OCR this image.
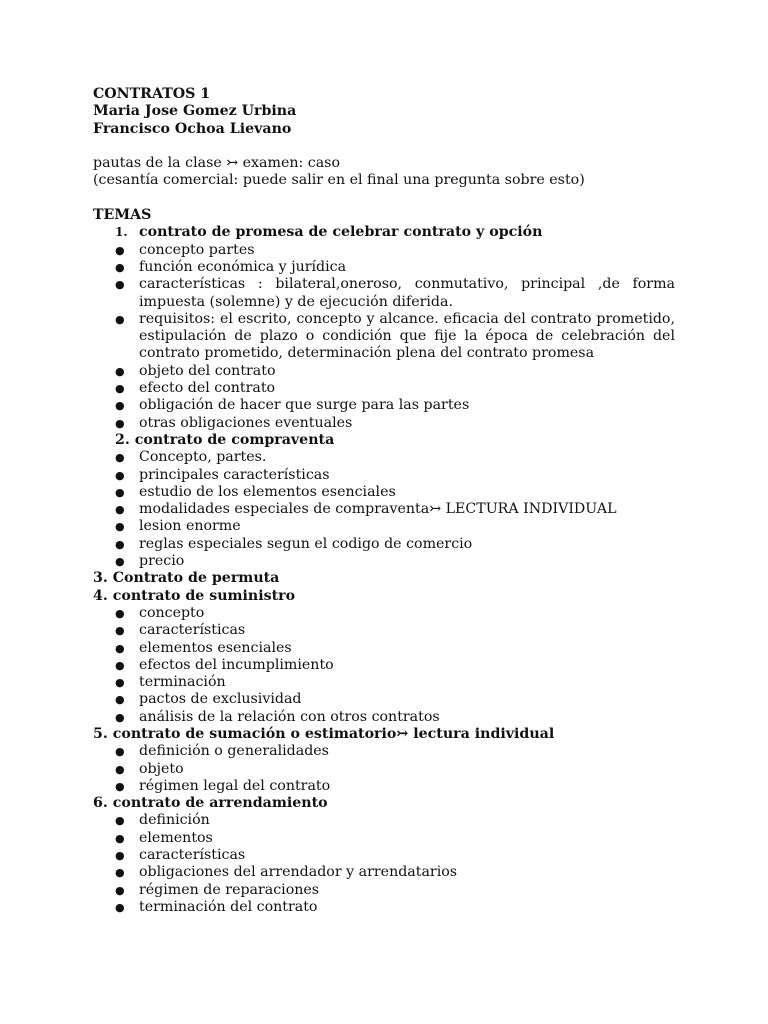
CONTRATOS 1
Maria Jose Gomez Urbina
Francisco Ochoa Lievano
pautas de la clase ↣ examen: caso
(cesantía comercial: puede salir en el final una pregunta sobre esto)
TEMAS
1. contrato de promesa de celebrar contrato y opción
● concepto partes
● función económica y jurídica
● características : bilateral,oneroso, conmutativo, principal ,de forma impuesta (solemne) y de ejecución diferida.
● requisitos: el escrito, concepto y alcance. eficacia del contrato prometido, estipulación de plazo o condición que fije la época de celebración del contrato prometido, determinación plena del contrato promesa
● objeto del contrato
● efecto del contrato
● obligación de hacer que surge para las partes
● otras obligaciones eventuales
2. contrato de compraventa
● Concepto, partes.
● principales características
● estudio de los elementos esenciales
● modalidades especiales de compraventa↣ LECTURA INDIVIDUAL
● lesion enorme
● reglas especiales segun el codigo de comercio
● precio
3. Contrato de permuta
4. contrato de suministro
● concepto
● características
● elementos esenciales
● efectos del incumplimiento
● terminación
● pactos de exclusividad
● análisis de la relación con otros contratos
5. contrato de sumación o estimatorio↣ lectura individual
● definición o generalidades
● objeto
● régimen legal del contrato
6. contrato de arrendamiento
● definición
● elementos
● características
● obligaciones del arrendador y arrendatarios
● régimen de reparaciones
● terminación del contrato
